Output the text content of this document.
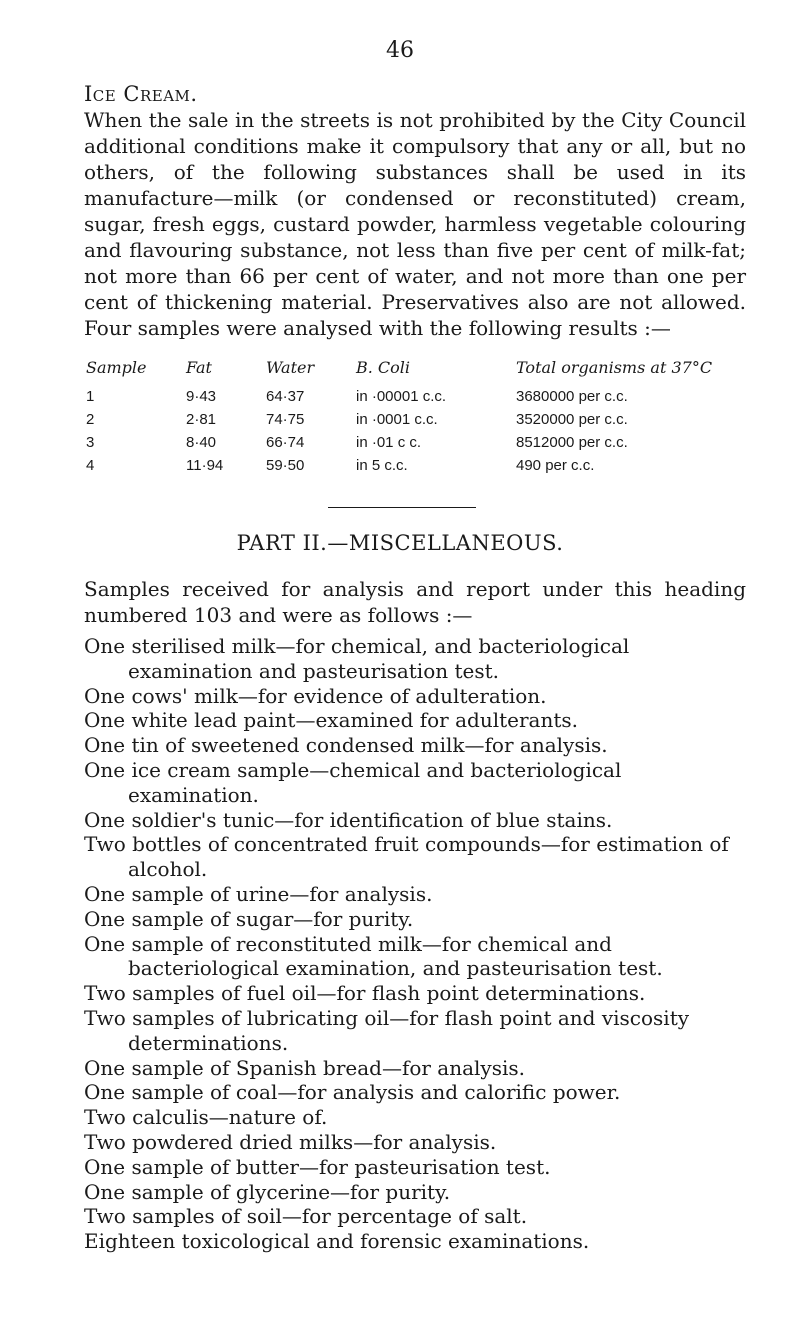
46
Ice Cream.

When the sale in the streets is not prohibited by the City Council additional conditions make it compulsory that any or all, but no others, of the following substances shall be used in its manufacture—milk (or condensed or reconstituted) cream, sugar, fresh eggs, custard powder, harmless vegetable colouring and flavouring substance, not less than five per cent of milk-fat; not more than 66 per cent of water, and not more than one per cent of thickening material. Preservatives also are not allowed. Four samples were analysed with the following results :—

Sample	Fat	Water	B. Coli	Total organisms at 37°C
1	9·43	64·37	in ·00001 c.c.	3680000 per c.c.
2	2·81	74·75	in ·0001 c.c.	3520000 per c.c.
3	8·40	66·74	in ·01 c c.	8512000 per c.c.
4	11·94	59·50	in 5 c.c.	490 per c.c.
PART II.—MISCELLANEOUS.

Samples received for analysis and report under this heading numbered 103 and were as follows :—

One sterilised milk—for chemical, and bacteriological examination and pasteurisation test.
One cows' milk—for evidence of adulteration.
One white lead paint—examined for adulterants.
One tin of sweetened condensed milk—for analysis.
One ice cream sample—chemical and bacteriological examination.
One soldier's tunic—for identification of blue stains.
Two bottles of concentrated fruit compounds—for estimation of alcohol.
One sample of urine—for analysis.
One sample of sugar—for purity.
One sample of reconstituted milk—for chemical and bacteriological examination, and pasteurisation test.
Two samples of fuel oil—for flash point determinations.
Two samples of lubricating oil—for flash point and viscosity determinations.
One sample of Spanish bread—for analysis.
One sample of coal—for analysis and calorific power.
Two calculis—nature of.
Two powdered dried milks—for analysis.
One sample of butter—for pasteurisation test.
One sample of glycerine—for purity.
Two samples of soil—for percentage of salt.
Eighteen toxicological and forensic examinations.
